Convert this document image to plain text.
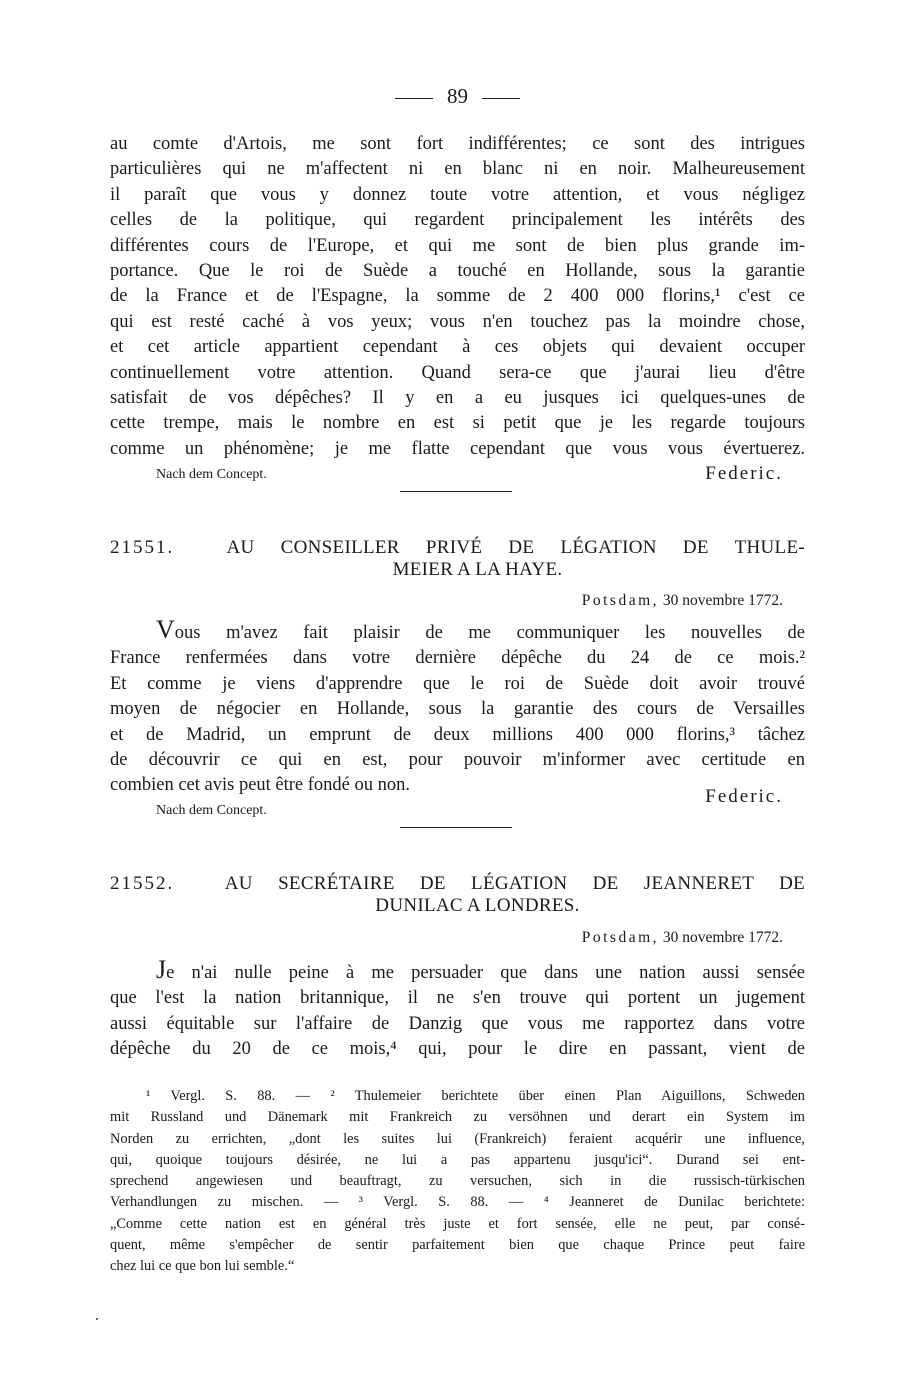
89
au comte d'Artois, me sont fort indifférentes; ce sont des intrigues
particulières qui ne m'affectent ni en blanc ni en noir. Malheureusement
il paraît que vous y donnez toute votre attention, et vous négligez
celles de la politique, qui regardent principalement les intérêts des
différentes cours de l'Europe, et qui me sont de bien plus grande im-
portance. Que le roi de Suède a touché en Hollande, sous la garantie
de la France et de l'Espagne, la somme de 2 400 000 florins,¹ c'est ce
qui est resté caché à vos yeux; vous n'en touchez pas la moindre chose,
et cet article appartient cependant à ces objets qui devaient occuper
continuellement votre attention. Quand sera-ce que j'aurai lieu d'être
satisfait de vos dépêches? Il y en a eu jusques ici quelques-unes de
cette trempe, mais le nombre en est si petit que je les regarde toujours
comme un phénomène; je me flatte cependant que vous vous évertuerez.
Nach dem Concept.	Federic.
21551.	AU CONSEILLER PRIVÉ DE LÉGATION DE THULE-
MEIER A LA HAYE.
Potsdam, 30 novembre 1772.
Vous m'avez fait plaisir de me communiquer les nouvelles de
France renfermées dans votre dernière dépêche du 24 de ce mois.²
Et comme je viens d'apprendre que le roi de Suède doit avoir trouvé
moyen de négocier en Hollande, sous la garantie des cours de Versailles
et de Madrid, un emprunt de deux millions 400 000 florins,³ tâchez
de découvrir ce qui en est, pour pouvoir m'informer avec certitude en
combien cet avis peut être fondé ou non.
Nach dem Concept.
Federic.
21552.	AU SECRÉTAIRE DE LÉGATION DE JEANNERET DE
DUNILAC A LONDRES.
Potsdam, 30 novembre 1772.
Je n'ai nulle peine à me persuader que dans une nation aussi sensée
que l'est la nation britannique, il ne s'en trouve qui portent un jugement
aussi équitable sur l'affaire de Danzig que vous me rapportez dans votre
dépêche du 20 de ce mois,⁴ qui, pour le dire en passant, vient de
¹ Vergl. S. 88. — ² Thulemeier berichtete über einen Plan Aiguillons, Schweden
mit Russland und Dänemark mit Frankreich zu versöhnen und derart ein System im
Norden zu errichten, „dont les suites lui (Frankreich) feraient acquérir une influence,
qui, quoique toujours désirée, ne lui a pas appartenu jusqu'ici“. Durand sei ent-
sprechend angewiesen und beauftragt, zu versuchen, sich in die russisch-türkischen
Verhandlungen zu mischen. — ³ Vergl. S. 88. — ⁴ Jeanneret de Dunilac berichtete:
„Comme cette nation est en général très juste et fort sensée, elle ne peut, par consé-
quent, même s'empêcher de sentir parfaitement bien que chaque Prince peut faire
chez lui ce que bon lui semble.“
